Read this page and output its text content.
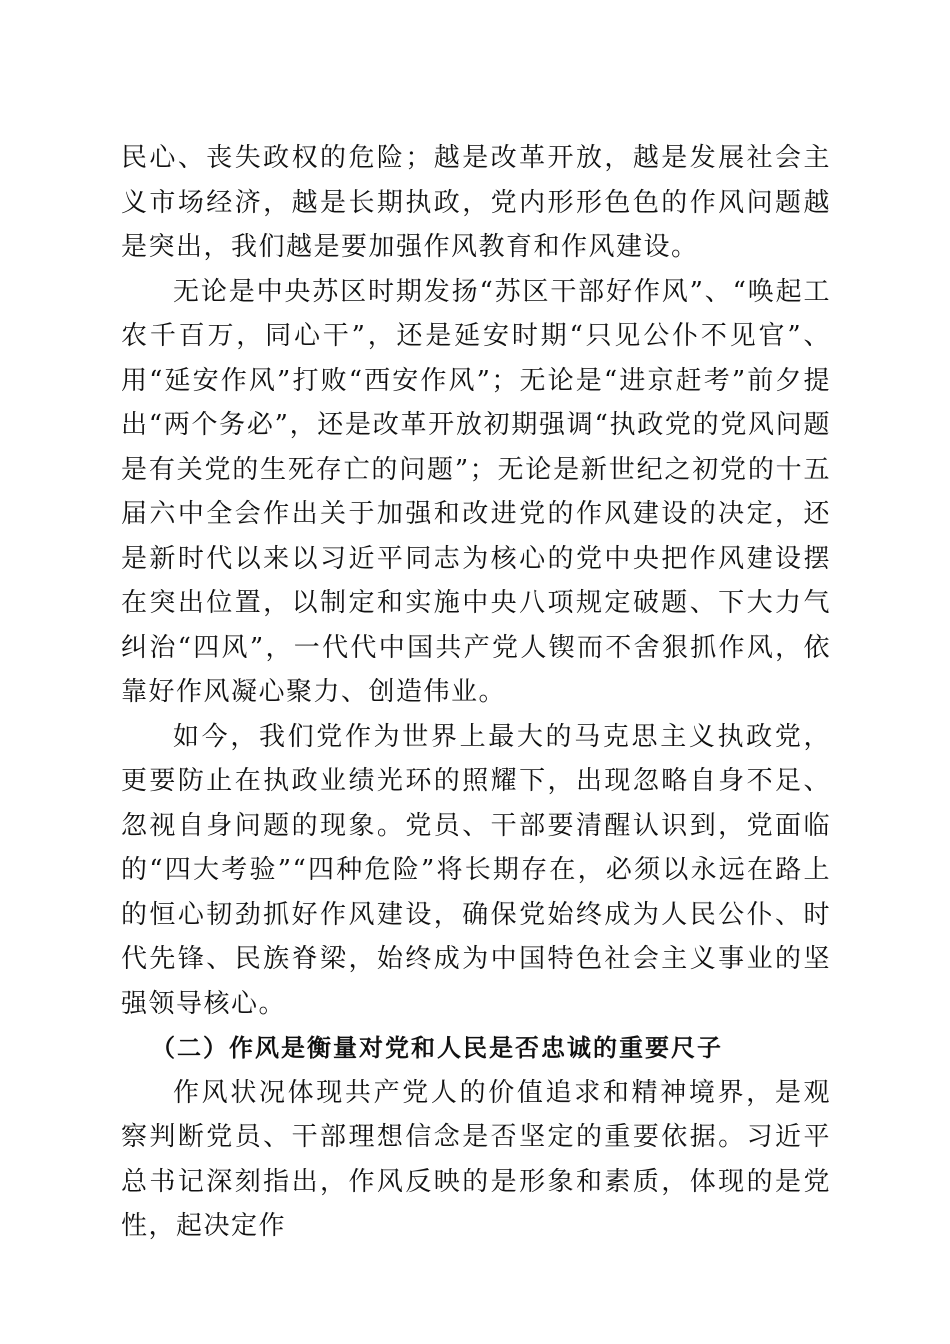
民心、丧失政权的危险；越是改革开放，越是发展社会主义市场经济，越是长期执政，党内形形色色的作风问题越是突出，我们越是要加强作风教育和作风建设。

无论是中央苏区时期发扬“苏区干部好作风”、“唤起工农千百万，同心干”，还是延安时期“只见公仆不见官”、用“延安作风”打败“西安作风”；无论是“进京赶考”前夕提出“两个务必”，还是改革开放初期强调“执政党的党风问题是有关党的生死存亡的问题”；无论是新世纪之初党的十五届六中全会作出关于加强和改进党的作风建设的决定，还是新时代以来以习近平同志为核心的党中央把作风建设摆在突出位置，以制定和实施中央八项规定破题、下大力气纠治“四风”，一代代中国共产党人锲而不舍狠抓作风，依靠好作风凝心聚力、创造伟业。

如今，我们党作为世界上最大的马克思主义执政党，更要防止在执政业绩光环的照耀下，出现忽略自身不足、忽视自身问题的现象。党员、干部要清醒认识到，党面临的“四大考验”“四种危险”将长期存在，必须以永远在路上的恒心韧劲抓好作风建设，确保党始终成为人民公仆、时代先锋、民族脊梁，始终成为中国特色社会主义事业的坚强领导核心。

（二）作风是衡量对党和人民是否忠诚的重要尺子

作风状况体现共产党人的价值追求和精神境界，是观察判断党员、干部理想信念是否坚定的重要依据。习近平总书记深刻指出，作风反映的是形象和素质，体现的是党性，起决定作
